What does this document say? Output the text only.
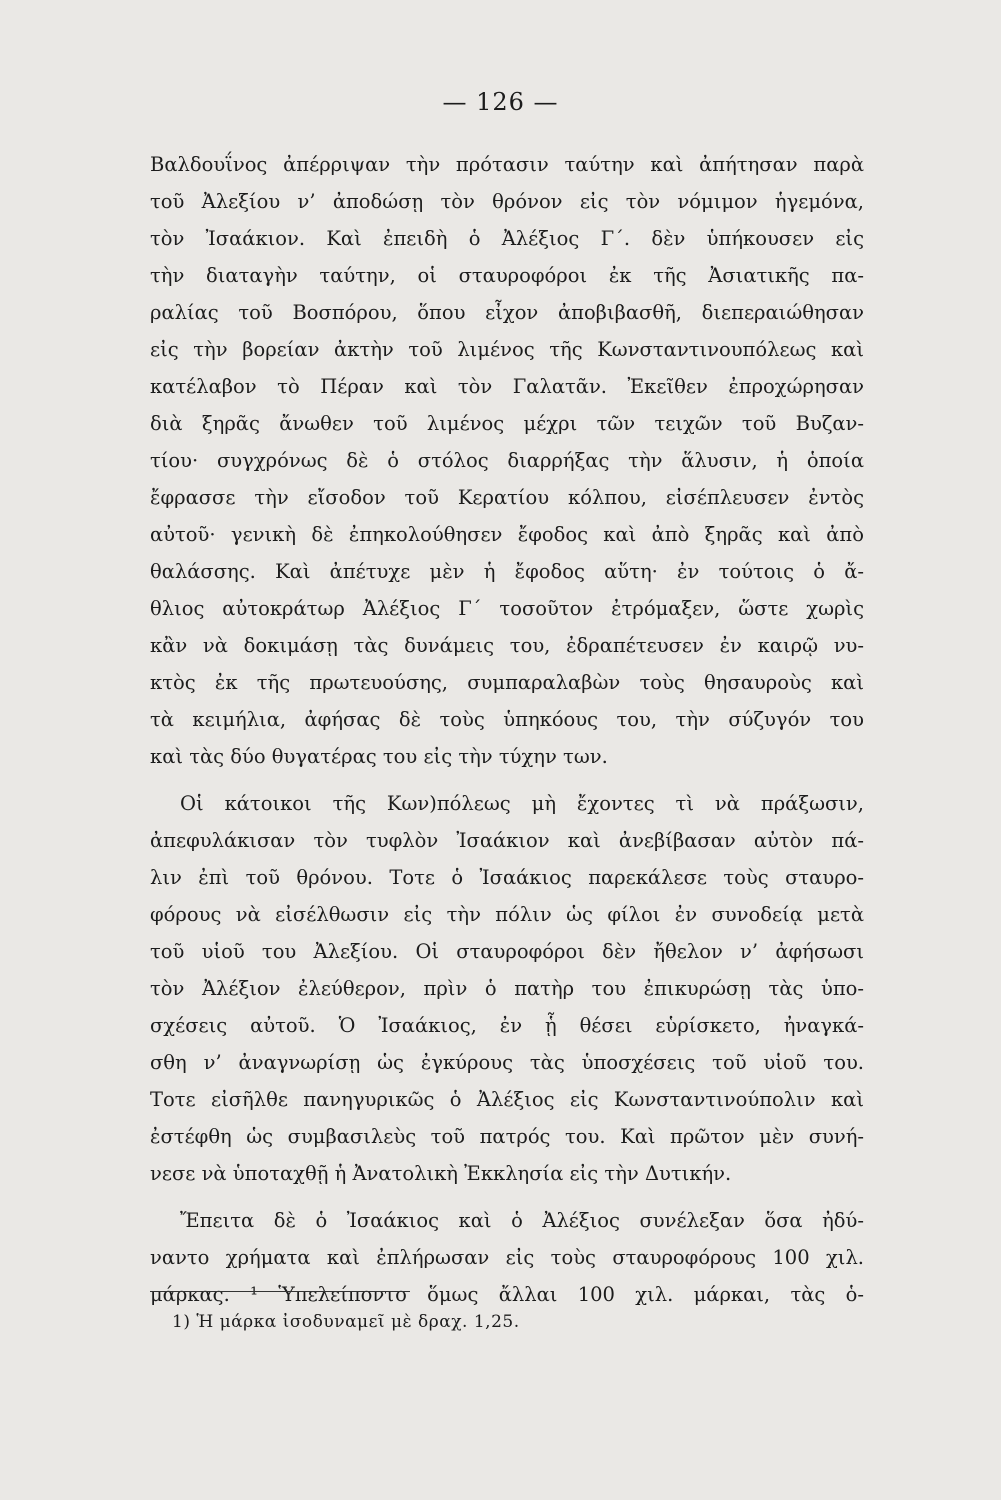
— 126 —
Βαλδουΐνος ἀπέρριψαν τὴν πρότασιν ταύτην καὶ ἀπήτησαν παρὰ
τοῦ Ἀλεξίου ν’ ἀποδώσῃ τὸν θρόνον εἰς τὸν νόμιμον ἡγεμόνα,
τὸν Ἰσαάκιον. Καὶ ἐπειδὴ ὁ Ἀλέξιος Γ΄. δὲν ὑπήκουσεν εἰς
τὴν διαταγὴν ταύτην, οἱ σταυροφόροι ἐκ τῆς Ἀσιατικῆς πα-
ραλίας τοῦ Βοσπόρου, ὅπου εἶχον ἀποβιβασθῆ, διεπεραιώθησαν
εἰς τὴν βορείαν ἀκτὴν τοῦ λιμένος τῆς Κωνσταντινουπόλεως καὶ
κατέλαβον τὸ Πέραν καὶ τὸν Γαλατᾶν. Ἐκεῖθεν ἐπροχώρησαν
διὰ ξηρᾶς ἄνωθεν τοῦ λιμένος μέχρι τῶν τειχῶν τοῦ Βυζαν-
τίου· συγχρόνως δὲ ὁ στόλος διαρρήξας τὴν ἅλυσιν, ἡ ὁποία
ἔφρασσε τὴν εἴσοδον τοῦ Κερατίου κόλπου, εἰσέπλευσεν ἐντὸς
αὐτοῦ· γενικὴ δὲ ἐπηκολούθησεν ἔφοδος καὶ ἀπὸ ξηρᾶς καὶ ἀπὸ
θαλάσσης. Καὶ ἀπέτυχε μὲν ἡ ἔφοδος αὕτη· ἐν τούτοις ὁ ἄ-
θλιος αὐτοκράτωρ Ἀλέξιος Γ΄ τοσοῦτον ἐτρόμαξεν, ὥστε χωρὶς
κἂν νὰ δοκιμάσῃ τὰς δυνάμεις του, ἐδραπέτευσεν ἐν καιρῷ νυ-
κτὸς ἐκ τῆς πρωτευούσης, συμπαραλαβὼν τοὺς θησαυροὺς καὶ
τὰ κειμήλια, ἀφήσας δὲ τοὺς ὑπηκόους του, τὴν σύζυγόν του
καὶ τὰς δύο θυγατέρας του εἰς τὴν τύχην των.
Οἱ κάτοικοι τῆς Κων)πόλεως μὴ ἔχοντες τὶ νὰ πράξωσιν,
ἀπεφυλάκισαν τὸν τυφλὸν Ἰσαάκιον καὶ ἀνεβίβασαν αὐτὸν πά-
λιν ἐπὶ τοῦ θρόνου. Τοτε ὁ Ἰσαάκιος παρεκάλεσε τοὺς σταυρο-
φόρους νὰ εἰσέλθωσιν εἰς τὴν πόλιν ὡς φίλοι ἐν συνοδείᾳ μετὰ
τοῦ υἱοῦ του Ἀλεξίου. Οἱ σταυροφόροι δὲν ἤθελον ν’ ἀφήσωσι
τὸν Ἀλέξιον ἐλεύθερον, πρὶν ὁ πατὴρ του ἐπικυρώσῃ τὰς ὑπο-
σχέσεις αὐτοῦ. Ὁ Ἰσαάκιος, ἐν ᾗ θέσει εὑρίσκετο, ἠναγκά-
σθη ν’ ἀναγνωρίσῃ ὡς ἐγκύρους τὰς ὑποσχέσεις τοῦ υἱοῦ του.
Τοτε εἰσῆλθε πανηγυρικῶς ὁ Ἀλέξιος εἰς Κωνσταντινούπολιν καὶ
ἐστέφθη ὡς συμβασιλεὺς τοῦ πατρός του. Καὶ πρῶτον μὲν συνή-
νεσε νὰ ὑποταχθῇ ἡ Ἀνατολικὴ Ἐκκλησία εἰς τὴν Δυτικήν.
Ἔπειτα δὲ ὁ Ἰσαάκιος καὶ ὁ Ἀλέξιος συνέλεξαν ὅσα ἠδύ-
ναντο χρήματα καὶ ἐπλήρωσαν εἰς τοὺς σταυροφόρους 100 χιλ.
μάρκας. ¹ Ὑπελείποντο ὅμως ἄλλαι 100 χιλ. μάρκαι, τὰς ὁ-
1) Ἡ μάρκα ἰσοδυναμεῖ μὲ δραχ. 1,25.
